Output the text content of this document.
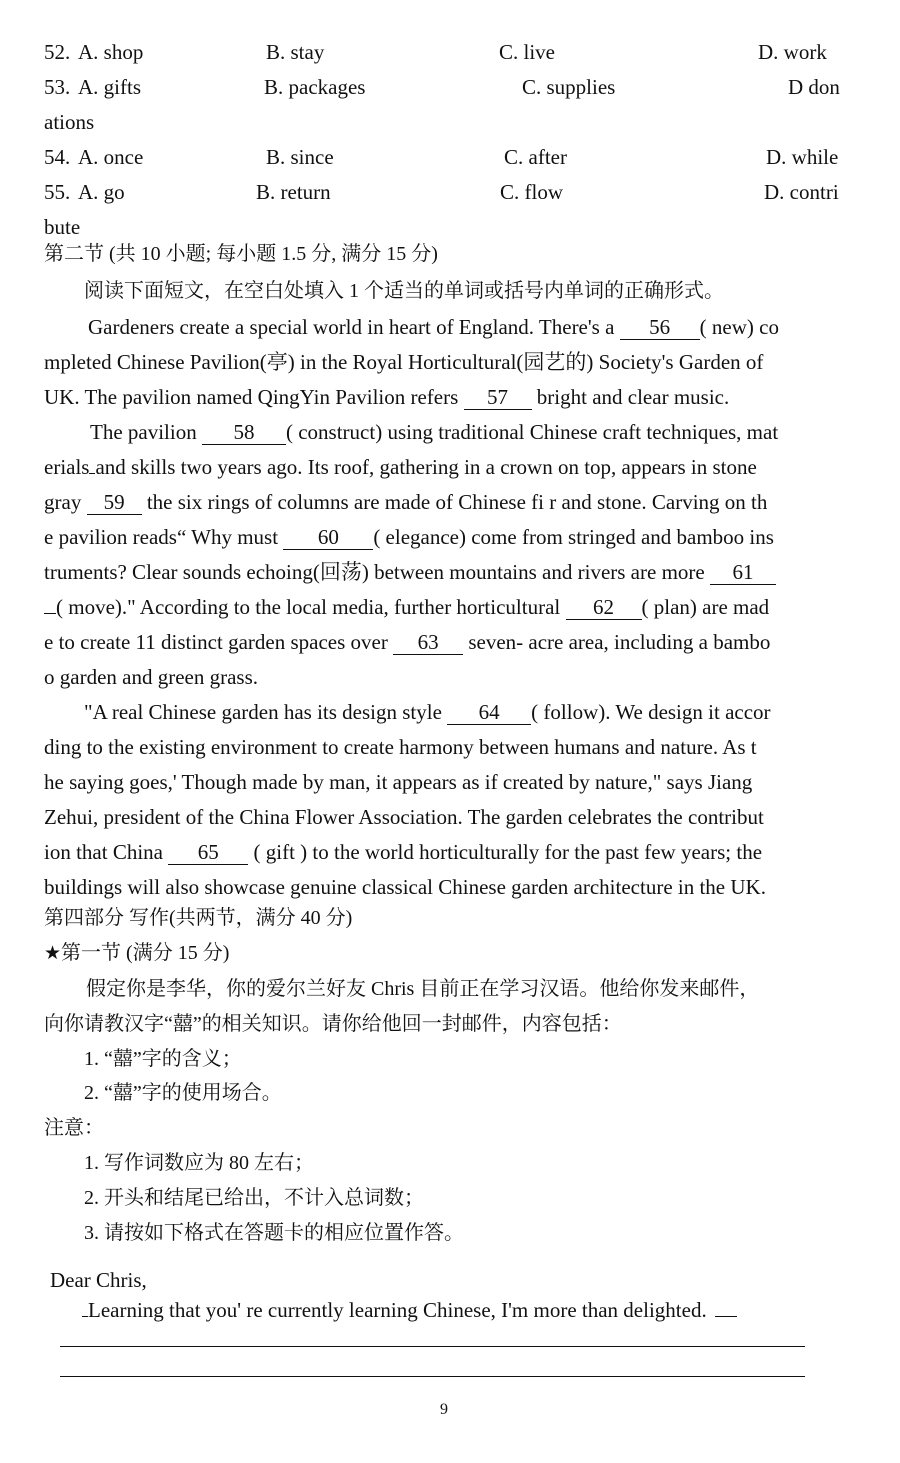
52. A. shop	B. stay	C. live	D. work
53. A. gifts	B. packages	C. supplies	D don
ations
54. A. once	B. since	C. after	D. while
55. A. go	B. return	C. flow	D. contri
bute
第二节 (共 10 小题; 每小题 1.5 分, 满分 15 分)
阅读下面短文，在空白处填入 1 个适当的单词或括号内单词的正确形式。
Gardeners create a special world in heart of England. There's a 56 ( new) co
mpleted Chinese Pavilion(亭) in the Royal Horticultural(园艺的) Society's Garden of
UK. The pavilion named QingYin Pavilion refers 57 bright and clear music.
The pavilion 58 ( construct) using traditional Chinese craft techniques, mat
erials and skills two years ago. Its roof, gathering in a crown on top, appears in stone
gray 59 the six rings of columns are made of Chinese fi r and stone. Carving on th
e pavilion reads“ Why must 60 ( elegance) come from stringed and bamboo ins
truments? Clear sounds echoing(回荡) between mountains and rivers are more 61
( move)." According to the local media, further horticultural 62 ( plan) are mad
e to create 11 distinct garden spaces over 63 seven- acre area, including a bambo
o garden and green grass.
"A real Chinese garden has its design style 64 ( follow). We design it accor
ding to the existing environment to create harmony between humans and nature. As t
he saying goes,' Though made by man, it appears as if created by nature," says Jiang
Zehui, president of the China Flower Association. The garden celebrates the contribut
ion that China 65 ( gift ) to the world horticulturally for the past few years; the
buildings will also showcase genuine classical Chinese garden architecture in the UK.
第四部分 写作(共两节，满分 40 分)
★第一节 (满分 15 分)
假定你是李华，你的爱尔兰好友 Chris 目前正在学习汉语。他给你发来邮件，
向你请教汉字“囍”的相关知识。请你给他回一封邮件，内容包括：
1. “囍”字的含义；
2. “囍”字的使用场合。
注意：
1. 写作词数应为 80 左右；
2. 开头和结尾已给出，不计入总词数；
3. 请按如下格式在答题卡的相应位置作答。
Dear Chris,
Learning that you' re currently learning Chinese, I'm more than delighted.
9
